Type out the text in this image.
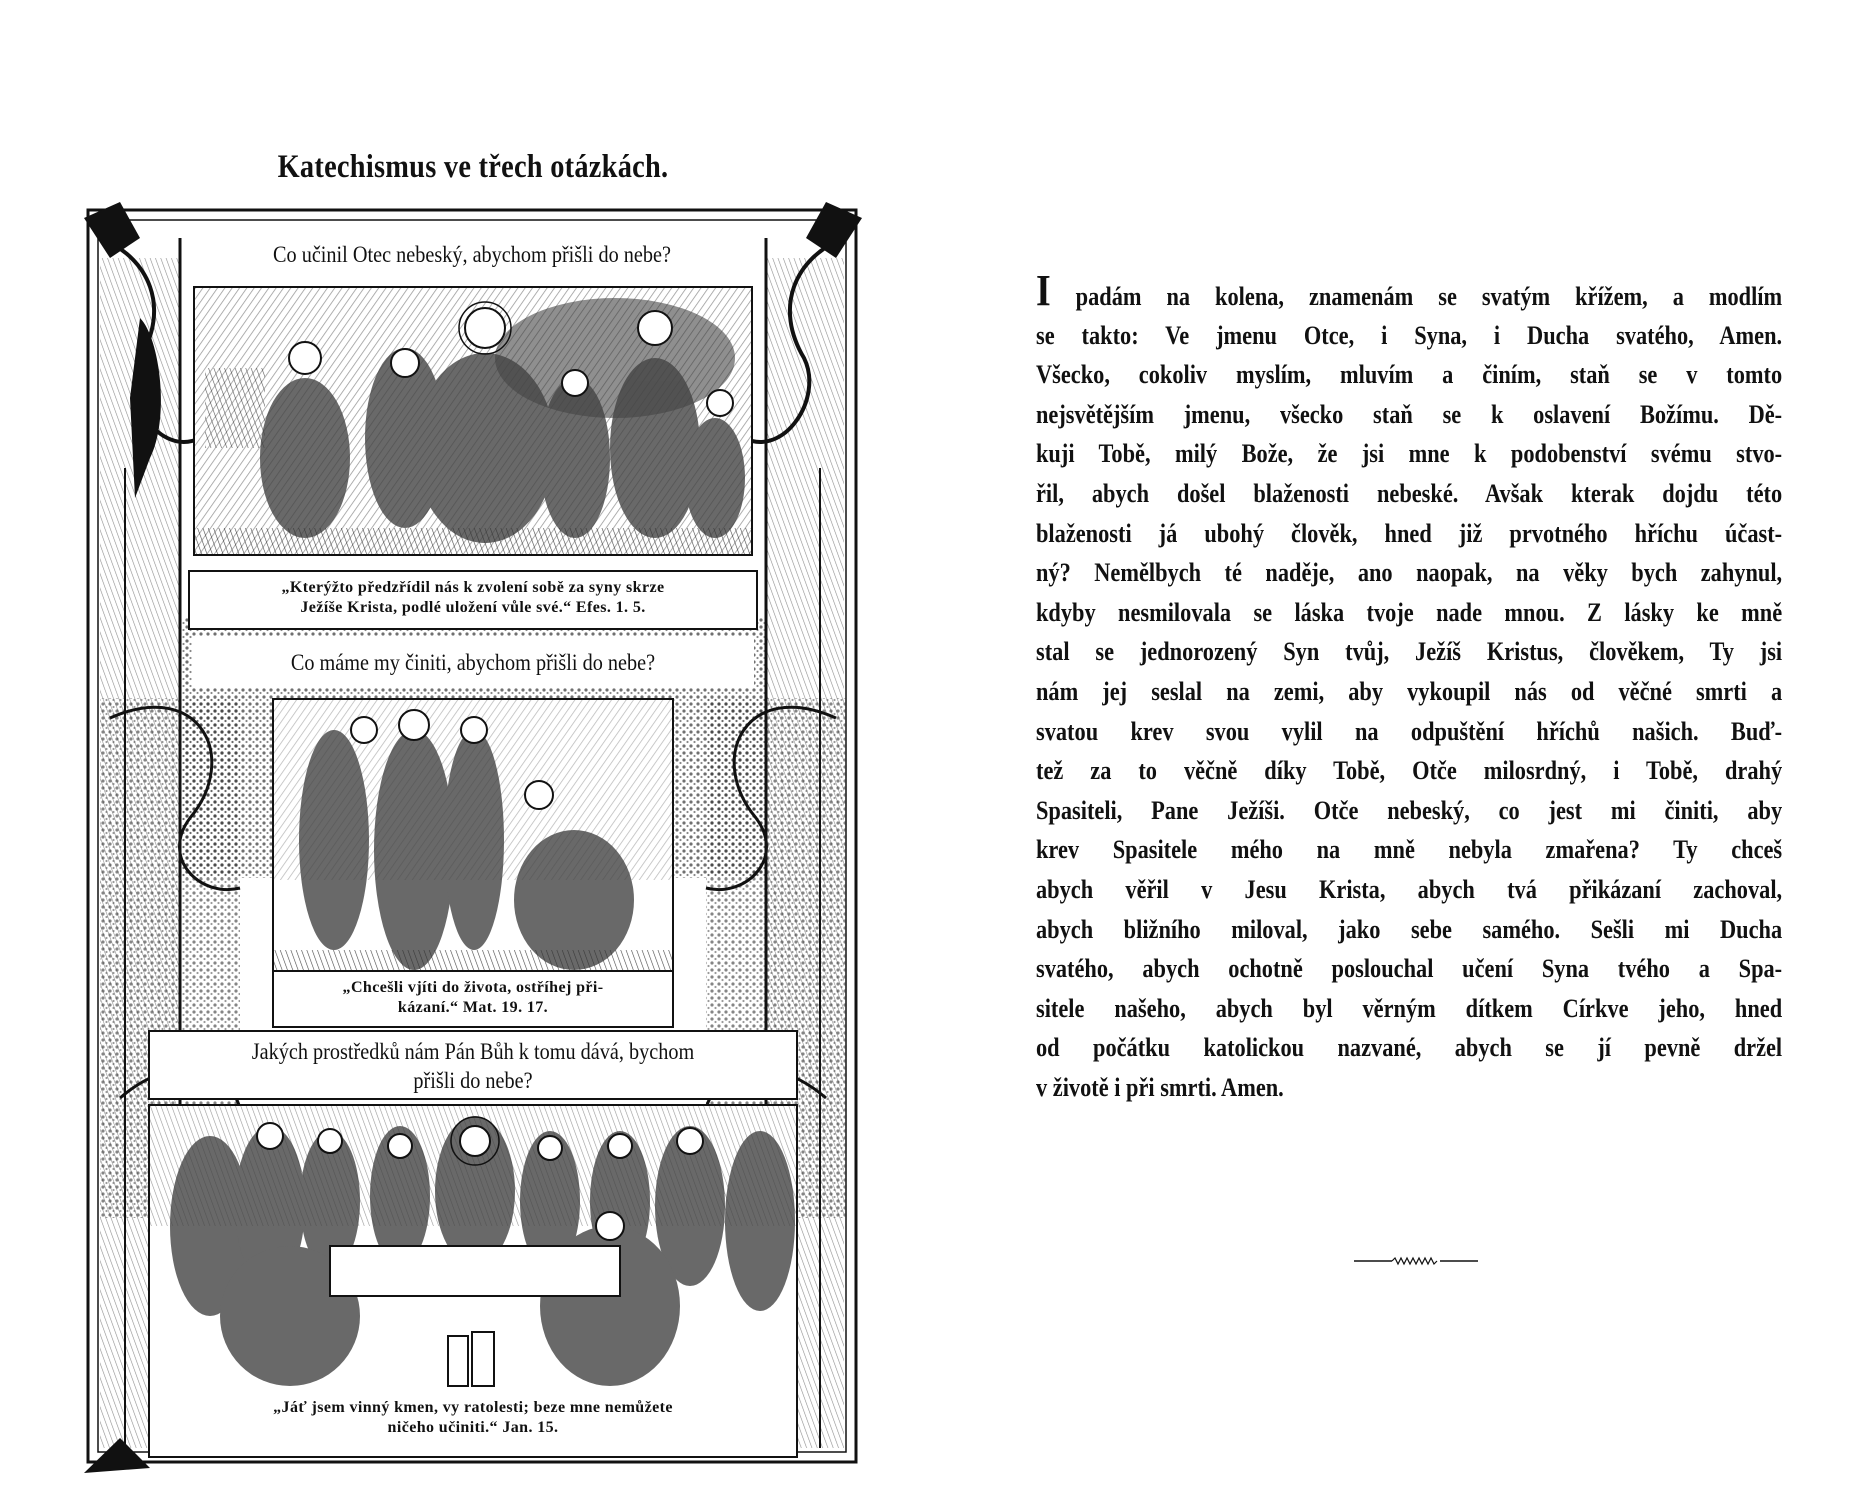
Katechismus ve třech otázkách.
Co učinil Otec nebeský, abychom přišli do nebe?
„Kterýžto předzřídil nás k zvolení sobě za syny skrze
Ježíše Krista, podlé uložení vůle své.“ Efes. 1. 5.
Co máme my činiti, abychom přišli do nebe?
„Chcešli vjíti do života, ostříhej při-
kázaní.“ Mat. 19. 17.
Jakých prostředků nám Pán Bůh k tomu dává, bychom
přišli do nebe?
„Jáť jsem vinný kmen, vy ratolesti; beze mne nemůžete
ničeho učiniti.“ Jan. 15.
I padám na kolena, znamenám se svatým křížem, a modlím
se takto: Ve jmenu Otce, i Syna, i Ducha svatého, Amen.
Všecko, cokoliv myslím, mluvím a činím, staň se v tomto
nejsvětějším jmenu, všecko staň se k oslavení Božímu. Dě-
kuji Tobě, milý Bože, že jsi mne k podobenství svému stvo-
řil, abych došel blaženosti nebeské. Avšak kterak dojdu této
blaženosti já ubohý člověk, hned již prvotného hříchu účast-
ný? Nemělbych té naděje, ano naopak, na věky bych zahynul,
kdyby nesmilovala se láska tvoje nade mnou. Z lásky ke mně
stal se jednorozený Syn tvůj, Ježíš Kristus, člověkem, Ty jsi
nám jej seslal na zemi, aby vykoupil nás od věčné smrti a
svatou krev svou vylil na odpuštění hříchů našich. Buď-
tež za to věčně díky Tobě, Otče milosrdný, i Tobě, drahý
Spasiteli, Pane Ježíši. Otče nebeský, co jest mi činiti, aby
krev Spasitele mého na mně nebyla zmařena? Ty chceš
abych věřil v Jesu Krista, abych tvá přikázaní zachoval,
abych bližního miloval, jako sebe samého. Sešli mi Ducha
svatého, abych ochotně poslouchal učení Syna tvého a Spa-
sitele našeho, abych byl věrným dítkem Církve jeho, hned
od počátku katolickou nazvané, abych se jí pevně držel
v životě i při smrti. Amen.
